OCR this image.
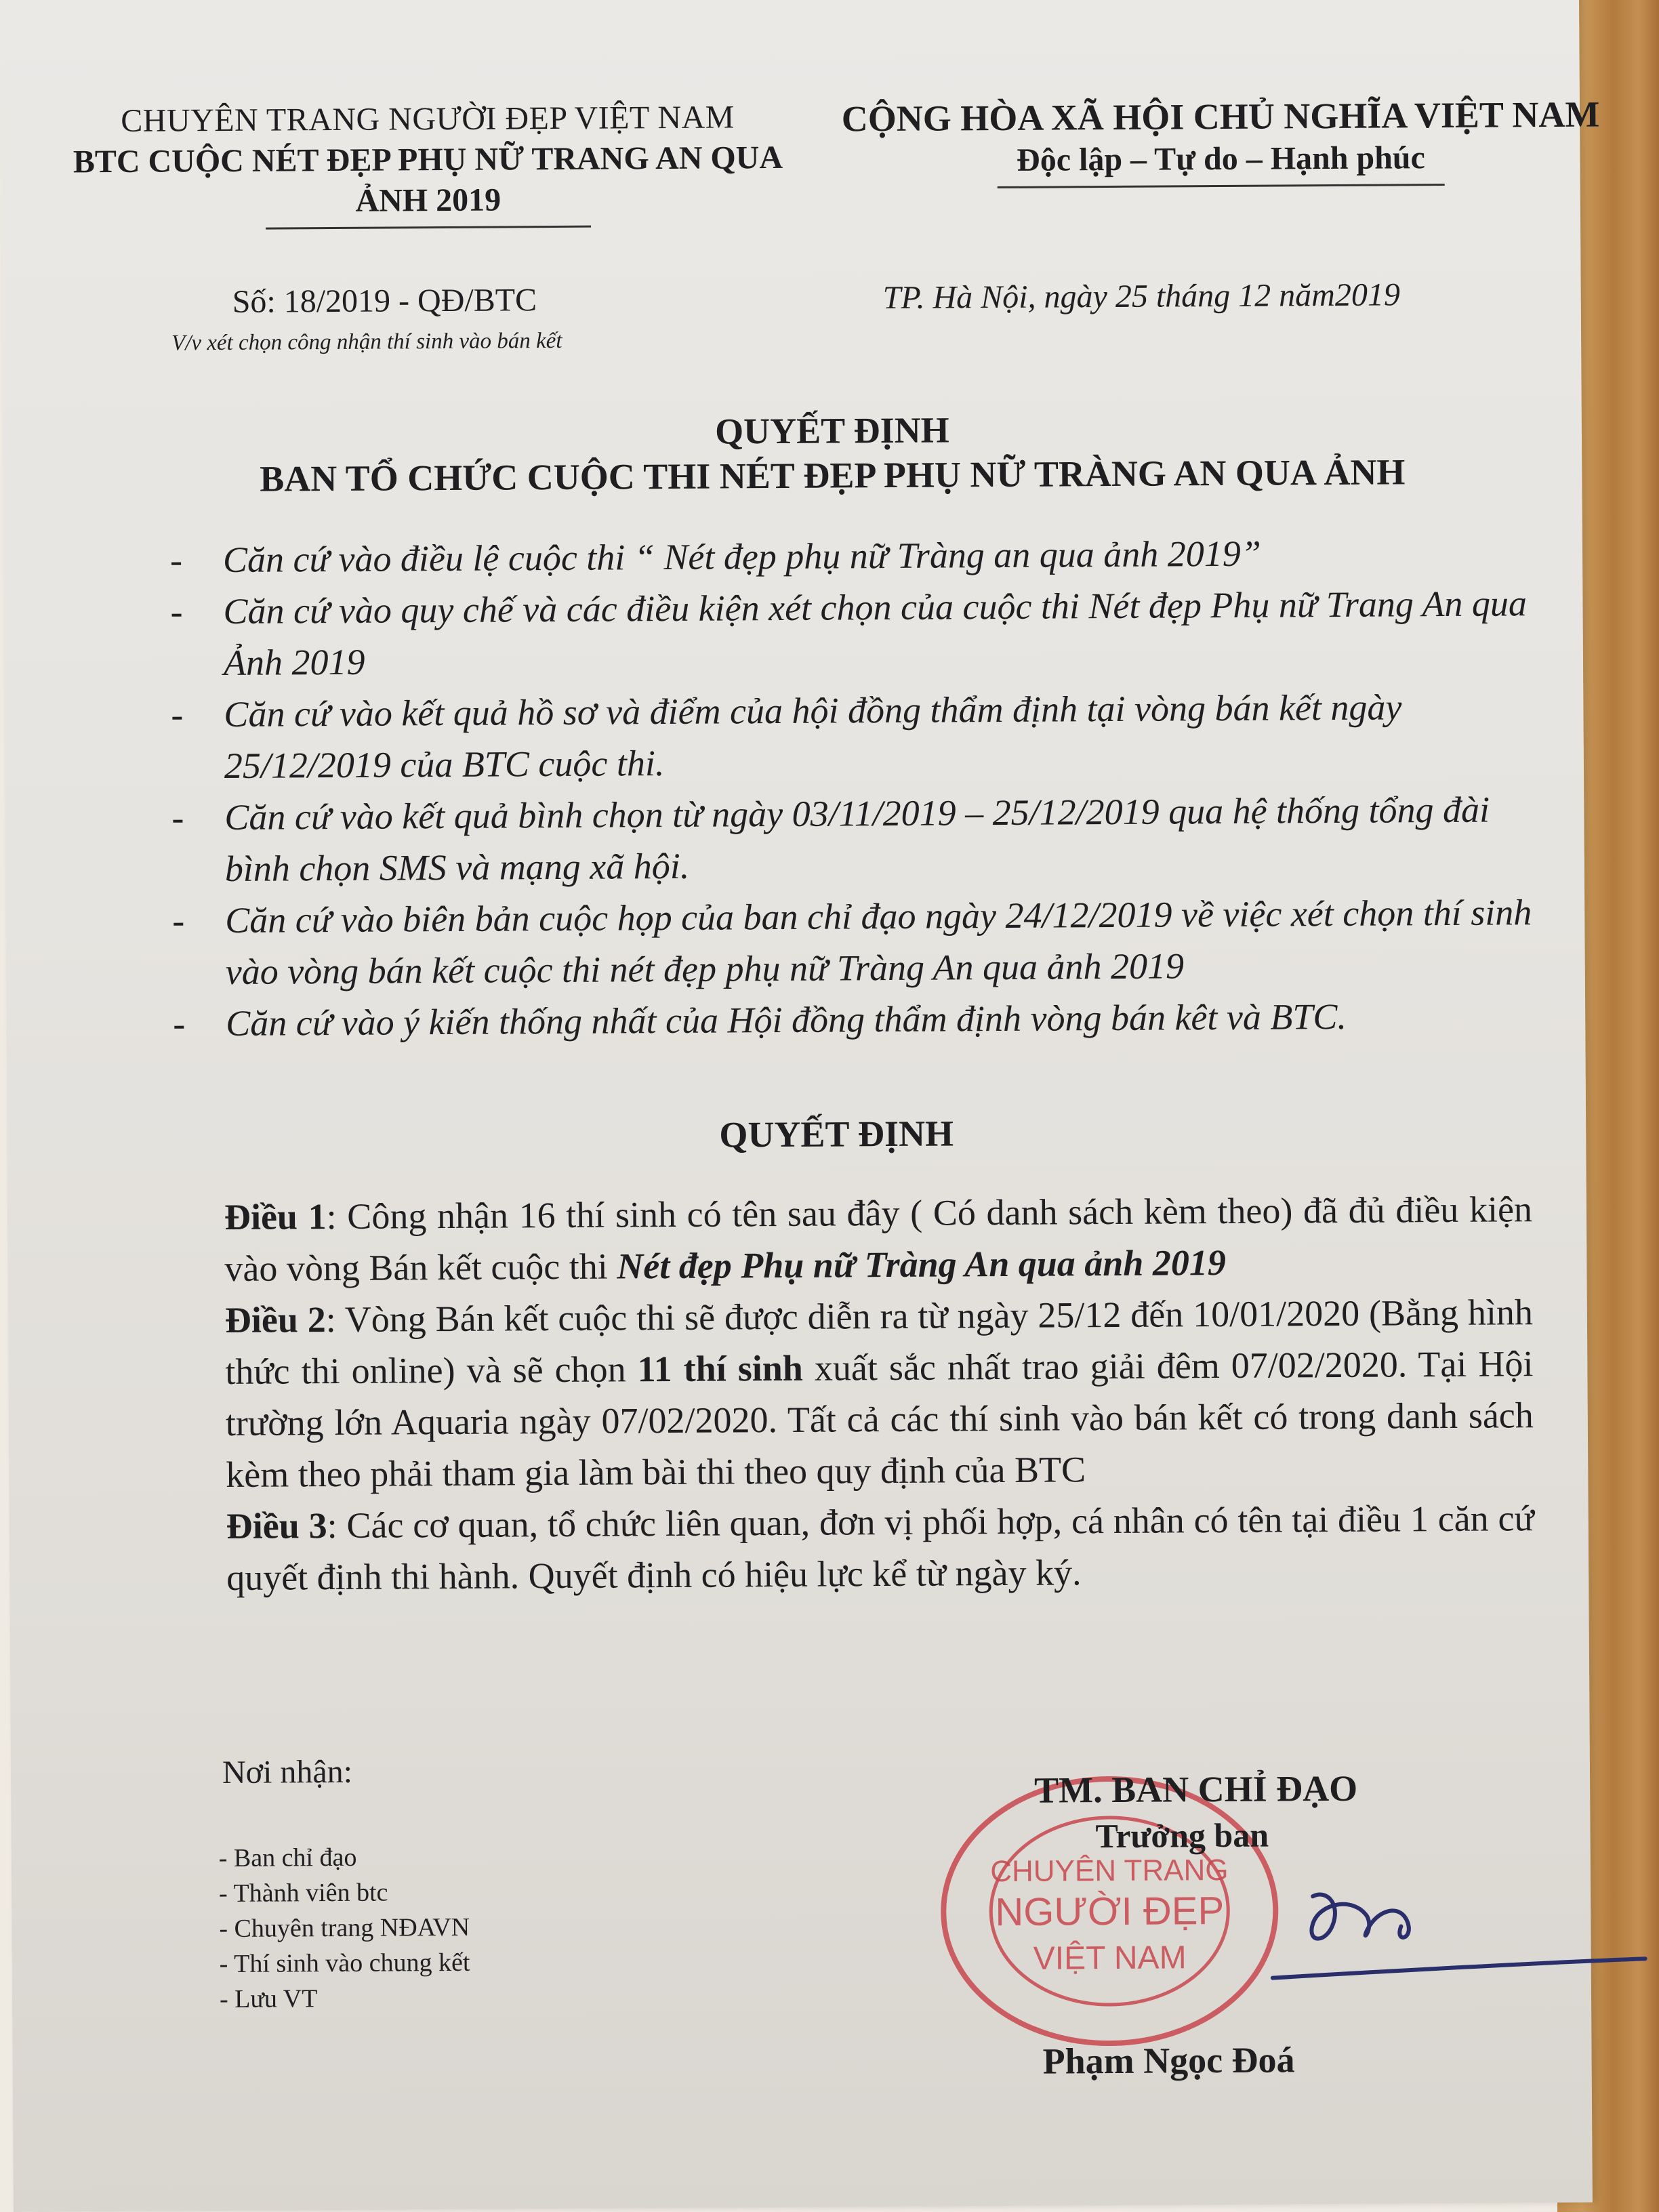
CHUYÊN TRANG NGƯỜI ĐẸP VIỆT NAM
BTC CUỘC NÉT ĐẸP PHỤ NỮ TRANG AN QUA
ẢNH 2019
CỘNG HÒA XÃ HỘI CHỦ NGHĨA VIỆT NAM
Độc lập – Tự do – Hạnh phúc
Số: 18/2019 - QĐ/BTC
V/v xét chọn công nhận thí sinh vào bán kết
TP. Hà Nội, ngày 25 tháng 12 năm2019
QUYẾT ĐỊNH
BAN TỔ CHỨC CUỘC THI NÉT ĐẸP PHỤ NỮ TRÀNG AN QUA ẢNH
- Căn cứ vào điều lệ cuộc thi “ Nét đẹp phụ nữ Tràng an qua ảnh 2019”
- Căn cứ vào quy chế và các điều kiện xét chọn của cuộc thi Nét đẹp Phụ nữ Trang An qua Ảnh 2019
- Căn cứ vào kết quả hồ sơ và điểm của hội đồng thẩm định tại vòng bán kết ngày 25/12/2019 của BTC cuộc thi.
- Căn cứ vào kết quả bình chọn từ ngày 03/11/2019 – 25/12/2019 qua hệ thống tổng đài bình chọn SMS và mạng xã hội.
- Căn cứ vào biên bản cuộc họp của ban chỉ đạo ngày 24/12/2019 về việc xét chọn thí sinh vào vòng bán kết cuộc thi nét đẹp phụ nữ Tràng An qua ảnh 2019
- Căn cứ vào ý kiến thống nhất của Hội đồng thẩm định vòng bán kêt và BTC.
QUYẾT ĐỊNH

Điều 1: Công nhận 16 thí sinh có tên sau đây ( Có danh sách kèm theo) đã đủ điều kiện vào vòng Bán kết cuộc thi Nét đẹp Phụ nữ Tràng An qua ảnh 2019

Điều 2: Vòng Bán kết cuộc thi sẽ được diễn ra từ ngày 25/12 đến 10/01/2020 (Bằng hình thức thi online) và sẽ chọn 11 thí sinh xuất sắc nhất trao giải đêm 07/02/2020. Tại Hội trường lớn Aquaria ngày 07/02/2020. Tất cả các thí sinh vào bán kết có trong danh sách kèm theo phải tham gia làm bài thi theo quy định của BTC

Điều 3: Các cơ quan, tổ chức liên quan, đơn vị phối hợp, cá nhân có tên tại điều 1 căn cứ quyết định thi hành. Quyết định có hiệu lực kể từ ngày ký.

Nơi nhận:
- Ban chỉ đạo
- Thành viên btc
- Chuyên trang NĐAVN
- Thí sinh vào chung kết
- Lưu VT
CHUYÊN TRANG
NGƯỜI ĐẸP
VIỆT NAM
TM. BAN CHỈ ĐẠO
Trưởng ban
Phạm Ngọc Đoá
